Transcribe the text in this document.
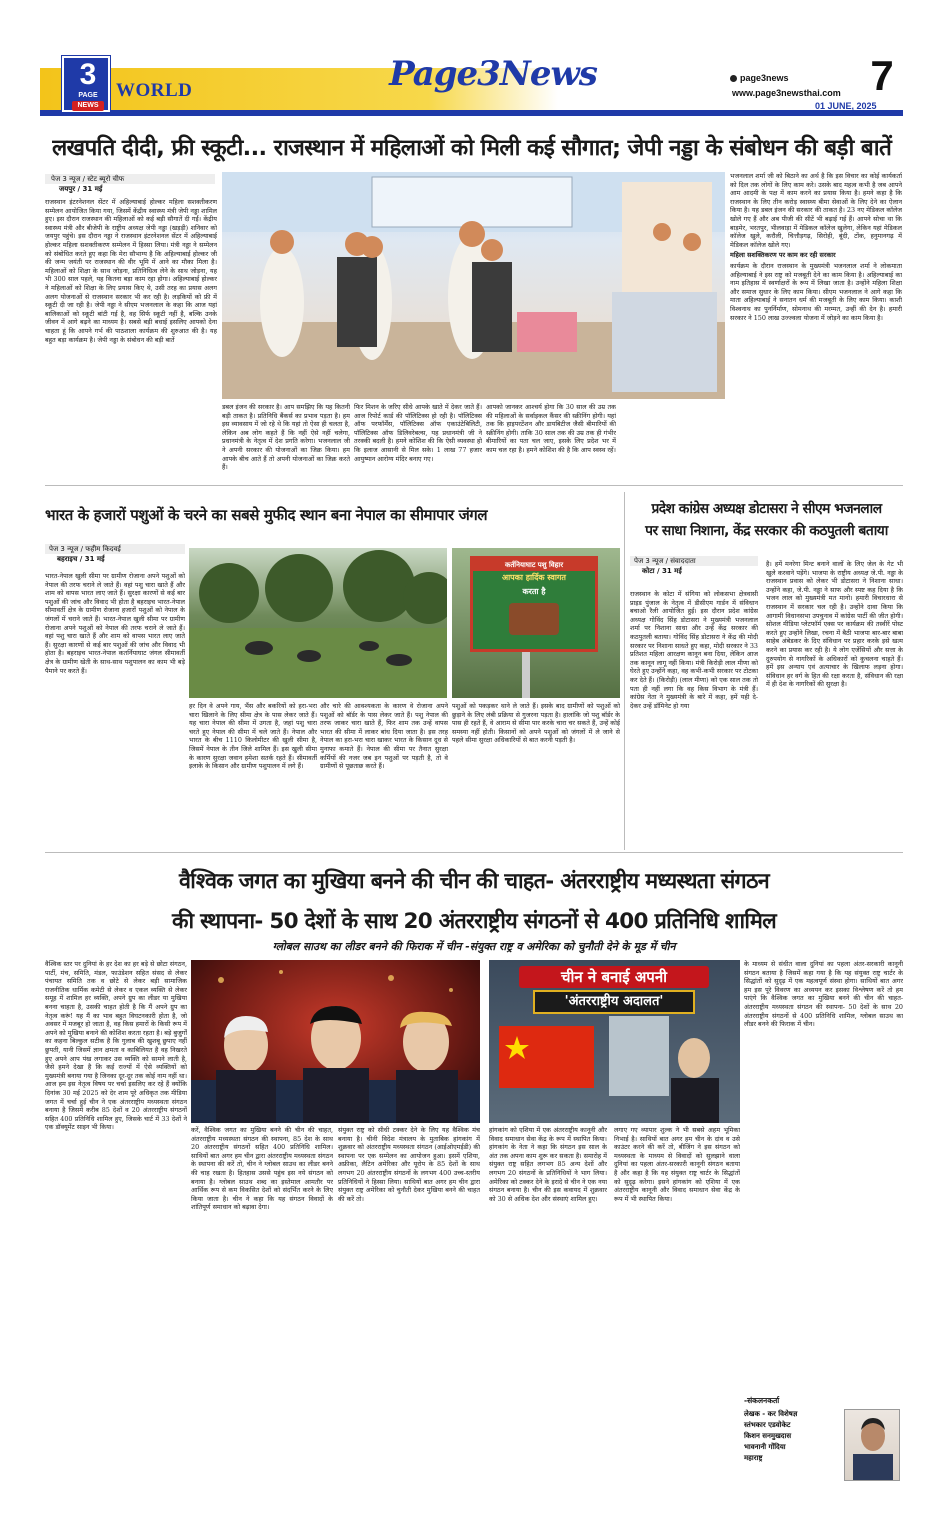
3
PAGE
NEWS
WORLD	Page3News	page3news
www.page3newsthai.com 7
01 JUNE, 2025
लखपति दीदी, फ्री स्कूटी... राजस्थान में महिलाओं को मिली कई सौगात; जेपी नड्डा के संबोधन की बड़ी बातें
पेज 3 न्यूज / स्टेट ब्यूरो चीफ
जयपुर / 31 मई
राजस्थान इंटरनेशनल सेंटर में अहिल्याबाई होल्कर महिला सशक्तीकरण सम्मेलन आयोजित किया गया, जिसमें केंद्रीय स्वास्थ्य मंत्री जेपी नड्डा शामिल हुए। इस दौरान राजस्थान की महिलाओं को कई बड़ी सौगातें दी गईं। केंद्रीय स्वास्थ्य मंत्री और बीजेपी के राष्ट्रीय अध्यक्ष जेपी नड्डा (खड़ड़ी) शनिवार को जयपुर पहुंचे। इस दौरान नड्डा ने राजस्थान इंटरनेशनल सेंटर में अहिल्याबाई होल्कर महिला सशक्तीकरण सम्मेलन में हिस्सा लिया। मंत्री नड्डा ने सम्मेलन को संबोधित करते हुए कहा कि मेरा सौभाग्य है कि अहिल्याबाई होल्कर जी की जन्म जयंती पर राजस्थान की वीर भूमि में आने का मौका मिला है। महिलाओं को शिक्षा के साथ जोड़ना, प्रतिनिधित्व लेने के साथ जोड़ना, यह भी 300 साल पहले, यह कितना बड़ा काम रहा होगा। अहिल्याबाई होल्कर ने महिलाओं को शिक्षा के लिए प्रयास किए थे, उसी तरह का प्रयास अलग अलग योजनाओं से राजस्थान सरकार भी कर रही है। लड़कियों को फ्री में स्कूटी दी जा रही है। जेपी नड्डा ने सीएम भजनलाल के कहा कि आज यहां बालिकाओं को स्कूटी बांटी गई है, वह सिर्फ स्कूटी नहीं है, बल्कि उनके जीवन में आगे बढ़ने का माध्यम है। सबसे बड़ी बधाई इसलिए आपको देना चाहता हूं कि आपने गर्भ की पाठशाला कार्यक्रम की शुरुआत की है। यह बहुत बड़ा कार्यक्रम है। जेपी नड्डा के संबोधन की बड़ी बातें
डबल इंजन की सरकार है। आप समझिए कि यह कितनी बड़ी ताकत है। प्रतिनिधि बैंकर्स का प्रभाव पड़ता है। हम इस व्यावसाय में जो रहे थे कि यहां तो ऐसा ही चलता है, लेकिन अब लोग कहते हैं कि नहीं ऐसे नहीं चलेगा, प्रधानमंत्री के नेतृत्व में देश प्रगति करेगा। भजनलाल जी ने अपनी सरकार की योजनाओं का जिक्र किया। हम आपके बीच आते हैं तो अपनी योजनाओं का जिक्र करते हैं।
फिर मिशन के जरिए सीधे आपके खाते में देकर जाते हैं। आज रिपोर्ट कार्ड की पॉलिटिक्स हो रही है। पॉलिटिक्स ऑफ परफॉर्मेंस, पॉलिटिक्स ऑफ एकाउंटेबिलिटी, पॉलिटिक्स ऑफ डिलिवरेबल्स, यह प्रधानमंत्री जी ने तरक्की बदली है। हमने कोशिश की कि ऐसी व्यवस्था हो कि इलाज आसानी से मिल सके। 1 लाख 77 हजार आयुष्मान आरोग्य मंदिर बनाए गए।
आपको जानकर आश्चर्य होगा कि 30 साल की उम्र तक की महिलाओं के सर्वाइकल कैंसर की स्क्रीनिंग होगी। यहां तक कि हाइपरटेंशन और डायबिटीज जैसी बीमारियों की स्क्रीनिंग होगी। ताकि 30 साल तक की उम्र तक ही गंभीर बीमारियों का पता चल जाए, इसके लिए प्रदेश भर में काम चल रहा है। हमने कोशिश की है कि आप स्वस्थ रहें।
भजनलाल शर्मा जी को बिठाने का अर्थ है कि इस विचार का कोई कार्यकर्ता को दिल तक लोगों के लिए काम करे। उसके बाद महत्व कभी है जब आपने आम आदमी के पक्ष में काम करने का प्रयास किया है। हमने कहा है कि राजस्थान के लिए तीन करोड़ स्वास्थ्य बीमा सेवाओं के लिए देने का ऐलान किया है। यह डबल इंजन की सरकार की ताकत है। 23 नए मेडिकल कॉलेज खोले गए हैं और अब पीजी की सीटें भी बढ़ाई गई हैं। आपने सोचा था कि बाड़मेर, भरतपुर, भीलवाड़ा में मेडिकल कॉलेज खुलेगा, लेकिन यहां मेडिकल कॉलेज खुले, करौली, चित्तौड़गढ़, सिरोही, बूंदी, टोंक, हनुमानगढ़ में मेडिकल कॉलेज खोले गए।
महिला सशक्तिकरण पर काम कर रही सरकार
कार्यक्रम के दौरान राजस्थान के मुख्यमंत्री भजनलाल शर्मा ने लोकमाता अहिल्याबाई ने इस राष्ट्र को मजबूती देने का काम किया है। अहिल्याबाई का नाम इतिहास में स्वर्णाक्षरों के रूप में लिखा जाता है। उन्होंने महिला शिक्षा और समाज सुधार के लिए काम किया। सीएम भजनलाल ने आगे कहा कि माता अहिल्याबाई ने सनातन धर्म की मजबूती के लिए काम किया। काशी विश्वनाथ का पुनर्निर्माण, सोमनाथ की मरम्मत, उन्हीं की देन है। हमारी सरकार ने 150 लाख उज्ज्वला योजना में जोड़ने का काम किया है।
भारत के हजारों पशुओं के चरने का सबसे मुफीद स्थान बना नेपाल का सीमापार जंगल
पेज 3 न्यूज / फहीम किदवई
बहराइच / 31 मई
भारत-नेपाल खुली सीमा पर ग्रामीण रोजाना अपने पशुओं को नेपाल की तरफ चराने ले जाते हैं। वहां पशु चारा खाते हैं और शाम को वापस भारत लाए जाते हैं। सुरक्षा कारणों से कई बार पशुओं की जांच और विवाद भी होता है बहराइच भारत-नेपाल सीमावर्ती क्षेत्र के ग्रामीण रोजाना हजारों पशुओं को नेपाल के जंगलों में चराने जाते हैं। भारत-नेपाल खुली सीमा पर ग्रामीण रोजाना अपने पशुओं को नेपाल की तरफ चराने ले जाते हैं। वहां पशु चारा खाते हैं और शाम को वापस भारत लाए जाते हैं। सुरक्षा कारणों से कई बार पशुओं की जांच और विवाद भी होता है। बहराइच भारत-नेपाल कतर्नियाघाट जंगल सीमावर्ती क्षेत्र के ग्रामीण खेती के साथ-साथ पशुपालन का काम भी बड़े पैमाने पर करते हैं।
कर्तनियाघाट पशु विहार
आपका हार्दिक स्वागत
करता है
हर दिन वे अपने गाय, भैंस और बकरियों को हरा-भरा चारा खिलाने के लिए सीमा क्षेत्र के पास लेकर जाते हैं। यह चारा नेपाल की सीमा में उगता है, जहां पशु चारा चरते हुए नेपाल की सीमा में चले जाते हैं। नेपाल और भारत के बीच 1110 किलोमीटर की खुली सीमा है, जिसमें नेपाल के तीन जिले शामिल हैं। इस खुली सीमा के कारण सुरक्षा जवान हमेशा सतर्क रहते हैं। सीमावर्ती इलाके के किसान और ग्रामीण पशुपालन में लगे हैं।
और चारे की आवश्यकता के कारण वे रोजाना अपने पशुओं को बॉर्डर के पास लेकर जाते हैं। पशु नेपाल की तरफ जाकर चारा खाते हैं, फिर शाम तक उन्हें वापस भारत की सीमा में लाकर बांध दिया जाता है। इस तरह नेपाल का हरा-भरा चारा खाकर भारत के किसान दूध से मुनाफा कमाते हैं। नेपाल की सीमा पर तैनात सुरक्षा कर्मियों की नजर जब इन पशुओं पर पड़ती है, तो वे ग्रामीणों से पूछताछ करते हैं।
पशुओं को पकड़कर थाने ले जाते हैं। इसके बाद ग्रामीणों को पशुओं को छुड़ाने के लिए लंबी प्रक्रिया से गुजरना पड़ता है। हालांकि जो पशु बॉर्डर के पास ही रहते हैं, वे आराम से सीमा पार करके चारा चर सकते हैं, उन्हें कोई समस्या नहीं होती। किसानों को अपने पशुओं को जंगलों में ले जाने से पहले सीमा सुरक्षा अधिकारियों से बात करनी पड़ती है।
प्रदेश कांग्रेस अध्यक्ष डोटासरा ने सीएम भजनलाल
पर साधा निशाना, केंद्र सरकार की कठपुतली बताया
पेज 3 न्यूज / संवाददाता
कोटा / 31 मई
राजस्थान के कोटा में संगिया को लोकसभा क्षेत्रवासी प्राइड पुंजाल के नेतृत्व में डीसीएम गार्डन में संविधान बचाओ रैली आयोजित हुई। इस दौरान प्रदेश कांग्रेस अध्यक्ष गोविंद सिंह डोटासरा ने मुख्यमंत्री भजनलाल शर्मा पर निशाना साधा और उन्हें केंद्र सरकार की कठपुतली बताया। गोविंद सिंह डोटासरा ने केंद्र की मोदी सरकार पर निशाना साधते हुए कहा, मोदी सरकार ने 33 प्रतिशत महिला आरक्षण कानून बना दिया, लेकिन आज तक कानून लागू नहीं किया। मंत्री किरोड़ी लाल मीणा को घेरते हुए उन्होंने कहा, वह कभी-कभी सरकार पर टोटका कर देते हैं। (किरोड़ी) (लाल मीणा) को एक साल तक तो पता ही नहीं लगा कि वह किस विभाग के मंत्री हैं। कांग्रेस नेता ने मुख्यमंत्री के बारे में कहा, हमें यही दे-देकर उन्हें डॉमिनेट हो गया
है। हमें मनरेगा मिन्ट बनाने वालों के लिए जेल के गेट भी खुले करवाने पड़ेंगे। भाजपा के राष्ट्रीय अध्यक्ष जे.पी. नड्डा के राजस्थान प्रवास को लेकर भी डोटासरा ने निशाना साधा। उन्होंने कहा, जे.पी. नड्डा ने साफ और स्पष्ट कह दिया है कि भजन लाल को मुख्यमंत्री मत मानो। हमारी विचारधारा से राजस्थान में सरकार चल रही है। उन्होंने दावा किया कि आगामी विधानसभा उपचुनाव में कांग्रेस पार्टी की जीत होगी। सोशल मीडिया प्लेटफॉर्म एक्स पर कार्यक्रम की तस्वीरें पोस्ट करते हुए उन्होंने लिखा, रचना में बैठी भाजपा बार-बार बाबा साहेब अंबेडकर के दिए संविधान पर प्रहार करके इसे खत्म करने का प्रयास कर रही है। ये लोग एजेंसियों और सत्ता के दुरुपयोग से नागरिकों के अधिकारों को कुचलना चाहते हैं। हमें इस अन्याय एवं अत्याचार के खिलाफ लड़ना होगा। संविधान हर वर्ग के हित की रक्षा करता है, संविधान की रक्षा में ही देश के नागरिकों की सुरक्षा है।
वैश्विक जगत का मुखिया बनने की चीन की चाहत- अंतरराष्ट्रीय मध्यस्थता संगठन
की स्थापना- 50 देशों के साथ 20 अंतरराष्ट्रीय संगठनों से 400 प्रतिनिधि शामिल
ग्लोबल साउथ का लीडर बनने की फिराक में चीन -संयुक्त राष्ट्र व अमेरिका को चुनौती देने के मूड में चीन
वैश्विक स्तर पर दुनियां के हर देश का हर बड़े से छोटा संगठन, पार्टी, मंच, समिति, मंडल, फाउंडेशन सहित संसद से लेकर पंचायत समिति तक व छोटे से लेकर बड़ी सामाजिक राजनीतिक धार्मिक कमेटी से लेकर व एकल व्यक्ति से लेकर समूह में शामिल हर व्यक्ति, अपने ग्रुप का लीडर या मुखिया बनना चाहता है, उसकी चाहत होती है कि मैं अपने ग्रुप का नेतृत्व करूं! यह मैं का भाव बहुत विघटनकारी होता है, जो अवसर में मजबूर हो जाता है, वह किस हमारों के किसी रूप में अपने को मुखिया बनाने की कोशिश करता रहता है। बड़े बुजुर्गों का कहना बिल्कुल सटीक है कि गुलाब की खुशबू छुपाए नहीं छुपती, यानी जिसमें ज्ञान क्षमता व काबिलियत है वह निखरते हुए अपने आप पंख लगाकर उस व्यक्ति को सामने लाती है, जैसे हमने देखा है कि कई राज्यों में ऐसे व्यक्तियों को मुख्यमंत्री बनाया गया है जिनका दूर-दूर तक कोई नाम नहीं था। आज हम इस नेतृत्व विषय पर चर्चा इसलिए कर रहे हैं क्योंकि दिनांक 30 मई 2025 को देर शाम पूरे अधिकृत तक मीडिया जगत में चर्चा हुई चीन ने एक अंतरराष्ट्रीय मध्यस्थता संगठन बनाया है जिसमें करीब 85 देशों व 20 अंतरराष्ट्रीय संगठनों सहित 400 प्रतिनिधि शामिल हुए, जिसके चार्ट में 33 देशों ने एक डॉक्यूमेंट साइन भी किया।
चीन ने बनाई अपनी
'अंतरराष्ट्रीय अदालत'
करें, वैश्विक जगत का मुखिया बनने की चीन की चाहत, अंतरराष्ट्रीय मध्यस्थता संगठन की स्थापना, 85 देश के साथ 20 अंतरराष्ट्रीय संगठनों सहित 400 प्रतिनिधि शामिल। साथियों बात अगर हम चीन द्वारा अंतरराष्ट्रीय मध्यस्थता संगठन के स्थापना की करें तो, चीन ने ग्लोबल साउथ का लीडर बनने की चाह रखता है। हितहास उससे पहुंच इस नये संगठन को बनाया है। ग्लोबल साउथ शब्द का इस्तेमाल आमतौर पर आर्थिक रूप से कम विकसित देशों को संदर्भित करने के लिए किया जाता है। चीन ने कहा कि यह संगठन विवादों के शांतिपूर्ण समाधान को बढ़ावा देगा।
संयुक्त राष्ट्र को सीधी टक्कर देने के लिए यह वैश्विक मंच बनाया है। चीनी विदेश मंत्रालय के मुताबिक हांगकांग में शुक्रवार को अंतरराष्ट्रीय मध्यस्थता संगठन (आईओएमईडी) की स्थापना पर एक सम्मेलन का आयोजन हुआ। इसमें एशिया, अफ्रीका, लैटिन अमेरिका और यूरोप के 85 देशों के साथ लगभग 20 अंतरराष्ट्रीय संगठनों के लगभग 400 उच्च-स्तरीय प्रतिनिधियों ने हिस्सा लिया। साथियों बात अगर हम चीन द्वारा संयुक्त राष्ट्र अमेरिका को चुनौती देकर मुखिया बनने की चाहत की करें तो।
हांगकांग को एशिया में एक अंतरराष्ट्रीय कानूनी और विवाद समाधान सेवा केंद्र के रूप में स्थापित किया। हांगकांग के नेता ने कहा कि संगठन इस साल के अंत तक अपना काम शुरू कर सकता है। समारोह में संयुक्त राष्ट्र सहित लगभग 85 अन्य देशों और लगभग 20 संगठनों के प्रतिनिधियों ने भाग लिया। अमेरिका को टक्कर देने के इरादे से चीन ने एक नया संगठन बनाया है। चीन की इस कवायद में शुक्रवार को 30 से अधिक देश और संस्थाएं शामिल हुए।
लगाए गए व्यापार शुल्क ने भी सबसे अहम भूमिका निभाई है। साथियों बात अगर हम चीन के दांव व उसे काउंटर करने की करें तो, बीजिंग ने इस संगठन को मध्यस्थता के माध्यम से विवादों को सुलझाने वाला दुनियां का पहला अंतर-सरकारी कानूनी संगठन बताया है और कहा है कि यह संयुक्त राष्ट्र चार्टर के सिद्धांतों को सुदृढ़ करेगा। इसने हांगकांग को एशिया में एक अंतरराष्ट्रीय कानूनी और विवाद समाधान सेवा केंद्र के रूप में भी स्थापित किया।
के माध्यम से संधीत वाला दुनियां का पहला अंतर-सरकारी कानूनी संगठन बताया है जिसमें कहा गया है कि यह संयुक्त राष्ट्र चार्टर के सिद्धांतों को सुदृढ़ में एक महत्वपूर्ण संस्था होगा। साथियों बात अगर हम इस पूरे विवरण का अध्ययन कर इसका विश्लेषण करें तो हम पाएंगे कि वैश्विक जगत का मुखिया बनने की चीन की चाहत- अंतरराष्ट्रीय मध्यस्थता संगठन की स्थापना- 50 देशों के साथ 20 अंतरराष्ट्रीय संगठनों से 400 प्रतिनिधि शामिल, ग्लोबल साउथ का लीडर बनने की फिराक में चीन।
-संकलनकर्ता
लेखक - कर विशेषज्ञ
स्तंभकार एडवोकेट
किशन सनमुखदास
भावनानी गोंदिया
महाराष्ट्र
